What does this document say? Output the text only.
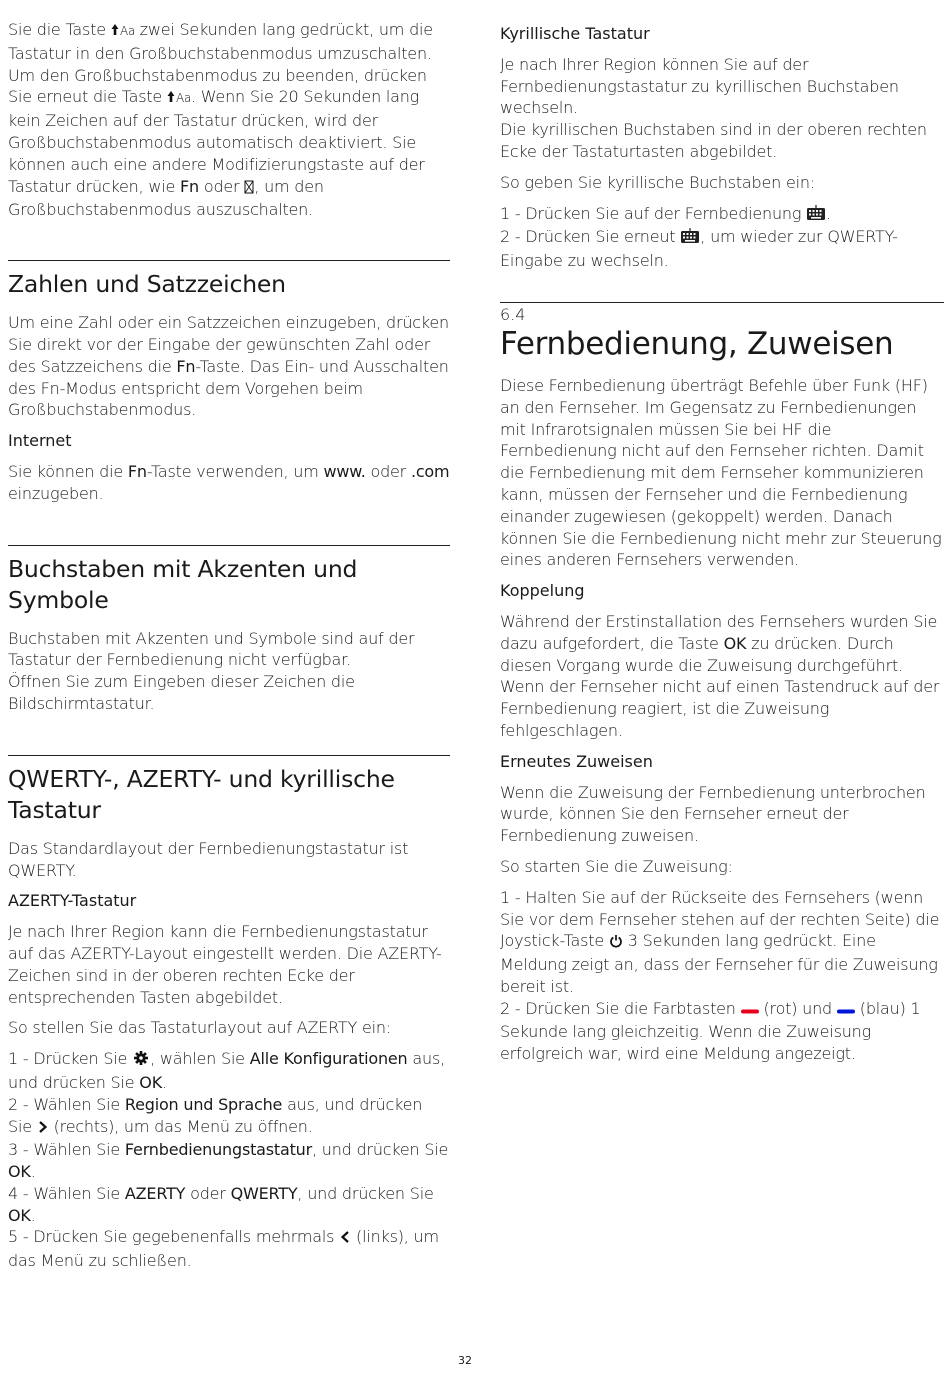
Sie die Taste Aa zwei Sekunden lang gedrückt, um die Tastatur in den Großbuchstabenmodus umzuschalten.

Um den Großbuchstabenmodus zu beenden, drücken Sie erneut die Taste Aa . Wenn Sie 20 Sekunden lang kein Zeichen auf der Tastatur drücken, wird der Großbuchstabenmodus automatisch deaktiviert. Sie können auch eine andere Modifizierungstaste auf der Tastatur drücken, wie Fn oder , um den Großbuchstabenmodus auszuschalten.

Zahlen und Satzzeichen

Um eine Zahl oder ein Satzzeichen einzugeben, drücken Sie direkt vor der Eingabe der gewünschten Zahl oder des Satzzeichens die Fn-Taste. Das Ein- und Ausschalten des Fn-Modus entspricht dem Vorgehen beim Großbuchstabenmodus.

Internet

Sie können die Fn-Taste verwenden, um www. oder .com einzugeben.

Buchstaben mit Akzenten und Symbole

Buchstaben mit Akzenten und Symbole sind auf der Tastatur der Fernbedienung nicht verfügbar.
Öffnen Sie zum Eingeben dieser Zeichen die Bildschirmtastatur.

QWERTY-, AZERTY- und kyrillische Tastatur

Das Standardlayout der Fernbedienungstastatur ist QWERTY.

AZERTY-Tastatur

Je nach Ihrer Region kann die Fernbedienungstastatur auf das AZERTY-Layout eingestellt werden. Die AZERTY-Zeichen sind in der oberen rechten Ecke der entsprechenden Tasten abgebildet.

So stellen Sie das Tastaturlayout auf AZERTY ein:

1 - Drücken Sie , wählen Sie Alle Konfigurationen aus, und drücken Sie OK.

2 - Wählen Sie Region und Sprache aus, und drücken Sie  (rechts), um das Menü zu öffnen.

3 - Wählen Sie Fernbedienungstastatur, und drücken Sie OK.

4 - Wählen Sie AZERTY oder QWERTY, und drücken Sie OK.

5 - Drücken Sie gegebenenfalls mehrmals  (links), um das Menü zu schließen.

Kyrillische Tastatur

Je nach Ihrer Region können Sie auf der Fernbedienungstastatur zu kyrillischen Buchstaben wechseln.
Die kyrillischen Buchstaben sind in der oberen rechten Ecke der Tastaturtasten abgebildet.

So geben Sie kyrillische Buchstaben ein:

1 - Drücken Sie auf der Fernbedienung .

2 - Drücken Sie erneut , um wieder zur QWERTY-Eingabe zu wechseln.

6.4
Fernbedienung, Zuweisen

Diese Fernbedienung überträgt Befehle über Funk (HF) an den Fernseher. Im Gegensatz zu Fernbedienungen mit Infrarotsignalen müssen Sie bei HF die Fernbedienung nicht auf den Fernseher richten. Damit die Fernbedienung mit dem Fernseher kommunizieren kann, müssen der Fernseher und die Fernbedienung einander zugewiesen (gekoppelt) werden. Danach können Sie die Fernbedienung nicht mehr zur Steuerung eines anderen Fernsehers verwenden.

Koppelung

Während der Erstinstallation des Fernsehers wurden Sie dazu aufgefordert, die Taste OK zu drücken. Durch diesen Vorgang wurde die Zuweisung durchgeführt. Wenn der Fernseher nicht auf einen Tastendruck auf der Fernbedienung reagiert, ist die Zuweisung fehlgeschlagen.

Erneutes Zuweisen

Wenn die Zuweisung der Fernbedienung unterbrochen wurde, können Sie den Fernseher erneut der Fernbedienung zuweisen.

So starten Sie die Zuweisung:

1 - Halten Sie auf der Rückseite des Fernsehers (wenn Sie vor dem Fernseher stehen auf der rechten Seite) die Joystick-Taste  3 Sekunden lang gedrückt. Eine Meldung zeigt an, dass der Fernseher für die Zuweisung bereit ist.

2 - Drücken Sie die Farbtasten  (rot) und  (blau) 1 Sekunde lang gleichzeitig. Wenn die Zuweisung erfolgreich war, wird eine Meldung angezeigt.

32
